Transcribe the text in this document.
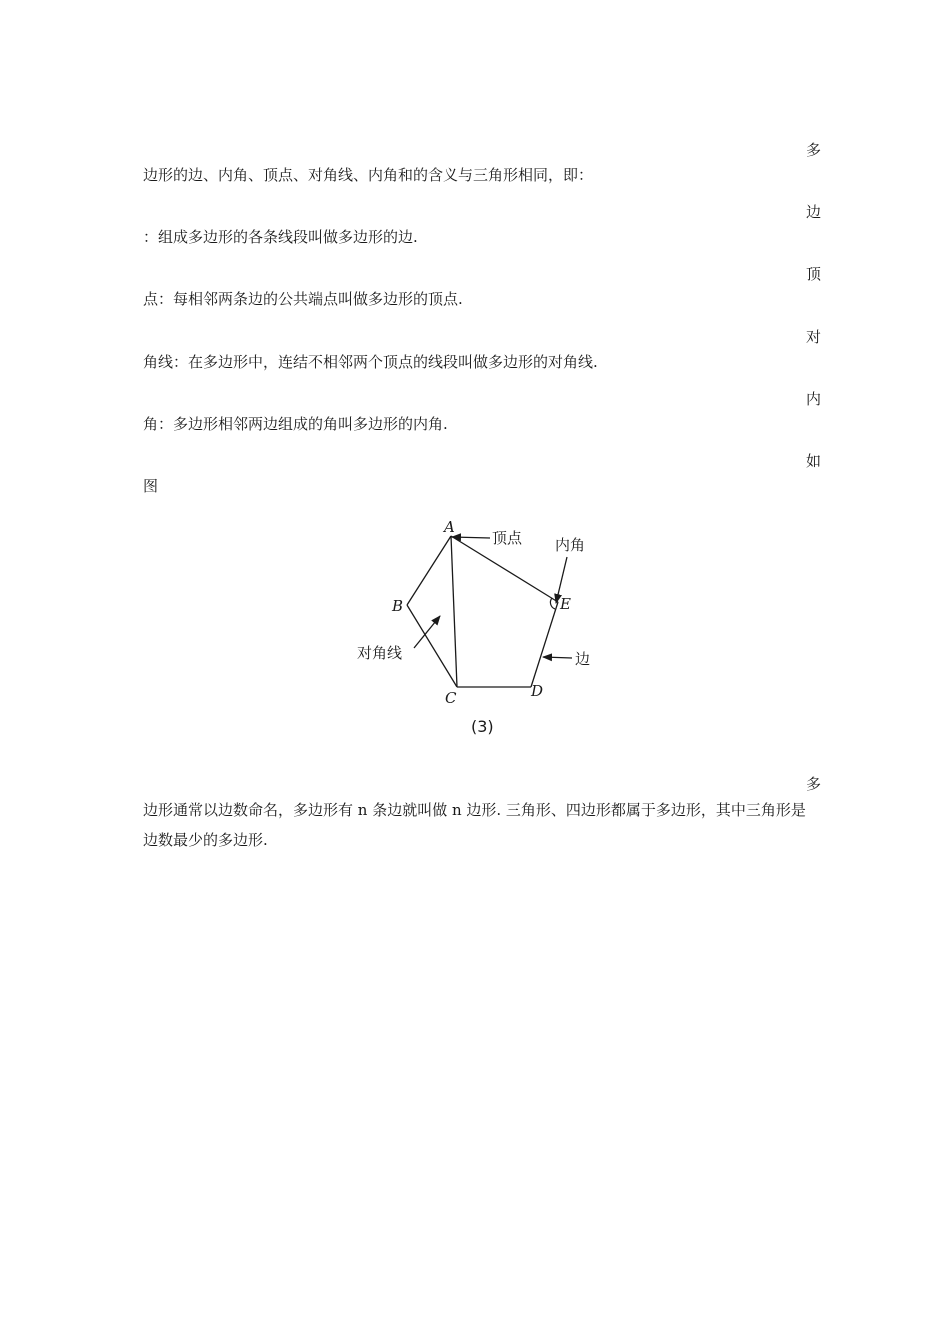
多
边形的边、内角、顶点、对角线、内角和的含义与三角形相同，即：
边
：组成多边形的各条线段叫做多边形的边.
顶
点：每相邻两条边的公共端点叫做多边形的顶点.
对
角线：在多边形中，连结不相邻两个顶点的线段叫做多边形的对角线.
内
角：多边形相邻两边组成的角叫多边形的内角.
如
图
A
B
C	D
E
顶点 内角
对角线	边
(3)
多
边形通常以边数命名，多边形有 n 条边就叫做 n 边形. 三角形、四边形都属于多边形，其中三角形是边数最少的多边形.
